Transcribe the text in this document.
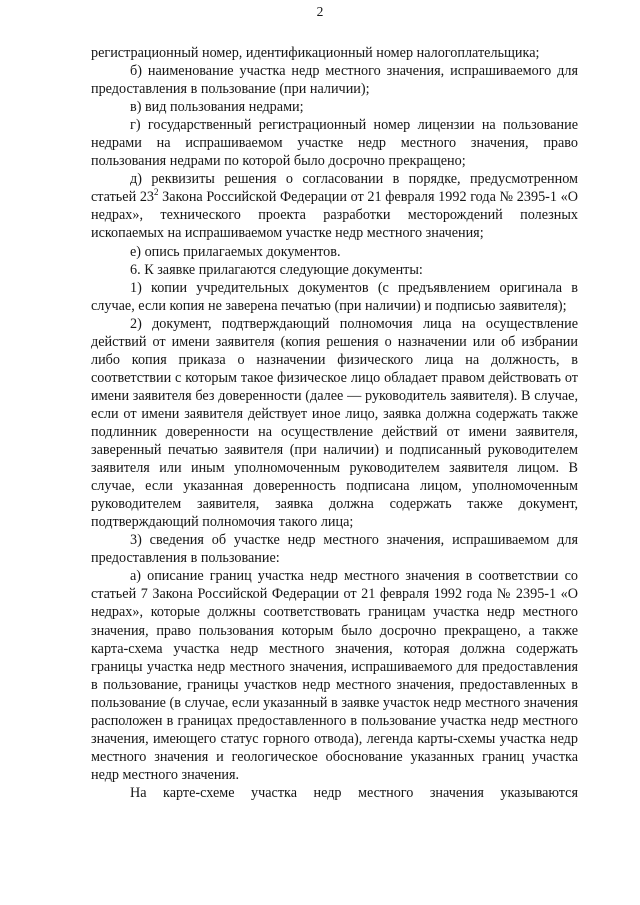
2

регистрационный номер, идентификационный номер налогоплательщика;

б) наименование участка недр местного значения, испрашиваемого для предоставления в пользование (при наличии);

в) вид пользования недрами;

г) государственный регистрационный номер лицензии на пользование недрами на испрашиваемом участке недр местного значения, право пользования недрами по которой было досрочно прекращено;

д) реквизиты решения о согласовании в порядке, предусмотренном статьей $23^2$ Закона Российской Федерации от 21 февраля 1992 года № 2395-1 «О недрах», технического проекта разработки месторождений полезных ископаемых на испрашиваемом участке недр местного значения;

е) опись прилагаемых документов.

6. К заявке прилагаются следующие документы:

1) копии учредительных документов (с предъявлением оригинала в случае, если копия не заверена печатью (при наличии) и подписью заявителя);

2) документ, подтверждающий полномочия лица на осуществление действий от имени заявителя (копия решения о назначении или об избрании либо копия приказа о назначении физического лица на должность, в соответствии с которым такое физическое лицо обладает правом действовать от имени заявителя без доверенности (далее — руководитель заявителя). В случае, если от имени заявителя действует иное лицо, заявка должна содержать также подлинник доверенности на осуществление действий от имени заявителя, заверенный печатью заявителя (при наличии) и подписанный руководителем заявителя или иным уполномоченным руководителем заявителя лицом. В случае, если указанная доверенность подписана лицом, уполномоченным руководителем заявителя, заявка должна содержать также документ, подтверждающий полномочия такого лица;

3) сведения об участке недр местного значения, испрашиваемом для предоставления в пользование:

а) описание границ участка недр местного значения в соответствии со статьей 7 Закона Российской Федерации от 21 февраля 1992 года № 2395-1 «О недрах», которые должны соответствовать границам участка недр местного значения, право пользования которым было досрочно прекращено, а также карта-схема участка недр местного значения, которая должна содержать границы участка недр местного значения, испрашиваемого для предоставления в пользование, границы участков недр местного значения, предоставленных в пользование (в случае, если указанный в заявке участок недр местного значения расположен в границах предоставленного в пользование участка недр местного значения, имеющего статус горного отвода), легенда карты-схемы участка недр местного значения и геологическое обоснование указанных границ участка недр местного значения.

На карте-схеме участка недр местного значения указываются
